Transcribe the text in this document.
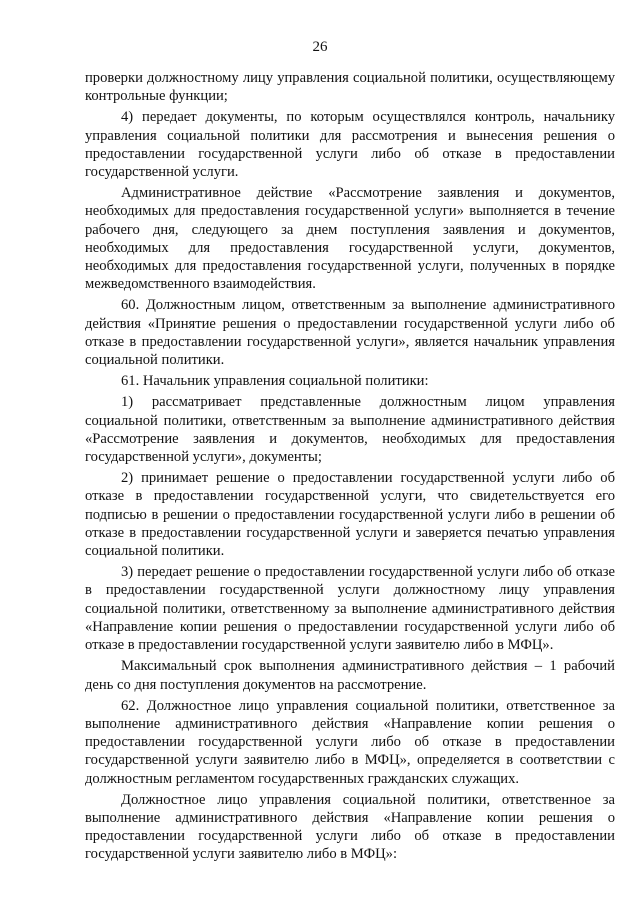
26

проверки должностному лицу управления социальной политики, осуществляющему контрольные функции;

4) передает документы, по которым осуществлялся контроль, начальнику управления социальной политики для рассмотрения и вынесения решения о предоставлении государственной услуги либо об отказе в предоставлении государственной услуги.

Административное действие «Рассмотрение заявления и документов, необходимых для предоставления государственной услуги» выполняется в течение рабочего дня, следующего за днем поступления заявления и документов, необходимых для предоставления государственной услуги, документов, необходимых для предоставления государственной услуги, полученных в порядке межведомственного взаимодействия.

60. Должностным лицом, ответственным за выполнение административного действия «Принятие решения о предоставлении государственной услуги либо об отказе в предоставлении государственной услуги», является начальник управления социальной политики.

61. Начальник управления социальной политики:

1) рассматривает представленные должностным лицом управления социальной политики, ответственным за выполнение административного действия «Рассмотрение заявления и документов, необходимых для предоставления государственной услуги», документы;

2) принимает решение о предоставлении государственной услуги либо об отказе в предоставлении государственной услуги, что свидетельствуется его подписью в решении о предоставлении государственной услуги либо в решении об отказе в предоставлении государственной услуги и заверяется печатью управления социальной политики.

3) передает решение о предоставлении государственной услуги либо об отказе в предоставлении государственной услуги должностному лицу управления социальной политики, ответственному за выполнение административного действия «Направление копии решения о предоставлении государственной услуги либо об отказе в предоставлении государственной услуги заявителю либо в МФЦ».

Максимальный срок выполнения административного действия – 1 рабочий день со дня поступления документов на рассмотрение.

62. Должностное лицо управления социальной политики, ответственное за выполнение административного действия «Направление копии решения о предоставлении государственной услуги либо об отказе в предоставлении государственной услуги заявителю либо в МФЦ», определяется в соответствии с должностным регламентом государственных гражданских служащих.

Должностное лицо управления социальной политики, ответственное за выполнение административного действия «Направление копии решения о предоставлении государственной услуги либо об отказе в предоставлении государственной услуги заявителю либо в МФЦ»:
